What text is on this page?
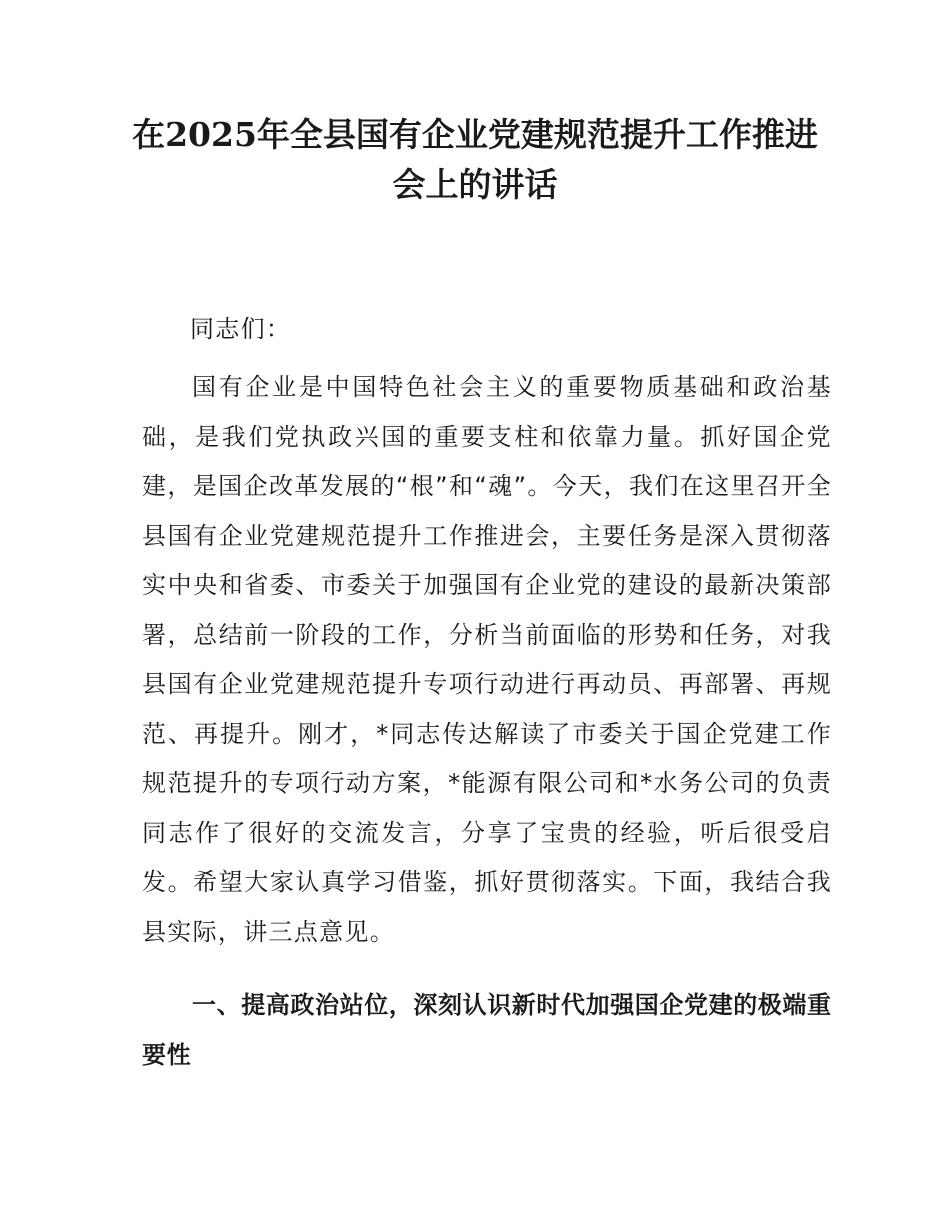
在2025年全县国有企业党建规范提升工作推进会上的讲话

同志们：

国有企业是中国特色社会主义的重要物质基础和政治基础，是我们党执政兴国的重要支柱和依靠力量。抓好国企党建，是国企改革发展的“根”和“魂”。今天，我们在这里召开全县国有企业党建规范提升工作推进会，主要任务是深入贯彻落实中央和省委、市委关于加强国有企业党的建设的最新决策部署，总结前一阶段的工作，分析当前面临的形势和任务，对我县国有企业党建规范提升专项行动进行再动员、再部署、再规范、再提升。刚才，*同志传达解读了市委关于国企党建工作规范提升的专项行动方案，*能源有限公司和*水务公司的负责同志作了很好的交流发言，分享了宝贵的经验，听后很受启发。希望大家认真学习借鉴，抓好贯彻落实。下面，我结合我县实际，讲三点意见。

一、提高政治站位，深刻认识新时代加强国企党建的极端重要性
